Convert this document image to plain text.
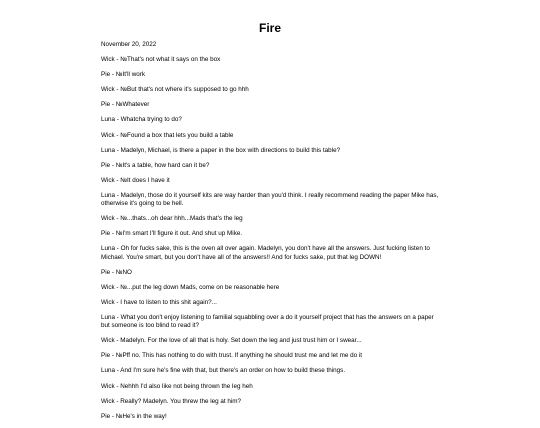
Fire
November 20, 2022
Wick - №That's not what it says on the box
Pie - №It'll work
Wick - №But that's not where it's supposed to go hhh
Pie - №Whatever
Luna - Whatcha trying to do?
Wick - №Found a box that lets you build a table
Luna - Madelyn, Michael, is there a paper in the box with directions to build this table?
Pie - №It's a table, how hard can it be?
Wick - №It does I have it
Luna - Madelyn, those do it yourself kits are way harder than you'd think. I really recommend reading the paper Mike has, otherwise it's going to be hell.
Wick - №...thats...oh dear hhh...Mads that's the leg
Pie - №I'm smart I'll figure it out. And shut up Mike.
Luna - Oh for fucks sake, this is the oven all over again. Madelyn, you don't have all the answers. Just fucking listen to Michael. You're smart, but you don't have all of the answers!! And for fucks sake, put that leg DOWN!
Pie - №NO
Wick - №...put the leg down Mads, come on be reasonable here
Wick - I have to listen to this shit again?...
Luna - What you don't enjoy listening to familial squabbling over a do it yourself project that has the answers on a paper but someone is too blind to read it?
Wick - Madelyn. For the love of all that is holy. Set down the leg and just trust him or I swear...
Pie - №Pff no. This has nothing to do with trust. If anything he should trust me and let me do it
Luna - And I'm sure he's fine with that, but there's an order on how to build these things.
Wick - Nehhh I'd also like not being thrown the leg heh
Wick - Really? Madelyn. You threw the leg at him?
Pie - №He's in the way!
